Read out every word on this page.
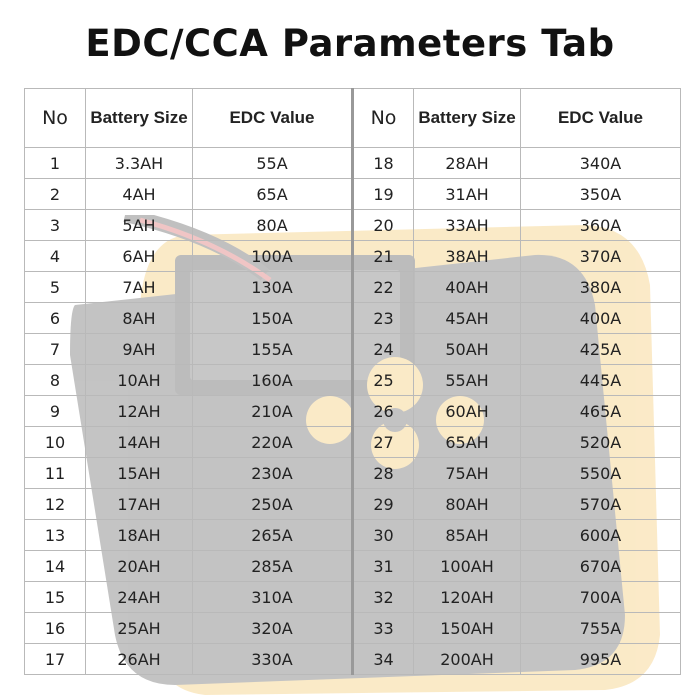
EDC/CCA Parameters Tab
No	Battery Size	EDC Value	No	Battery Size	EDC Value
1	3.3AH	55A	18	28AH	340A
2	4AH	65A	19	31AH	350A
3	5AH	80A	20	33AH	360A
4	6AH	100A	21	38AH	370A
5	7AH	130A	22	40AH	380A
6	8AH	150A	23	45AH	400A
7	9AH	155A	24	50AH	425A
8	10AH	160A	25	55AH	445A
9	12AH	210A	26	60AH	465A
10	14AH	220A	27	65AH	520A
11	15AH	230A	28	75AH	550A
12	17AH	250A	29	80AH	570A
13	18AH	265A	30	85AH	600A
14	20AH	285A	31	100AH	670A
15	24AH	310A	32	120AH	700A
16	25AH	320A	33	150AH	755A
17	26AH	330A	34	200AH	995A
